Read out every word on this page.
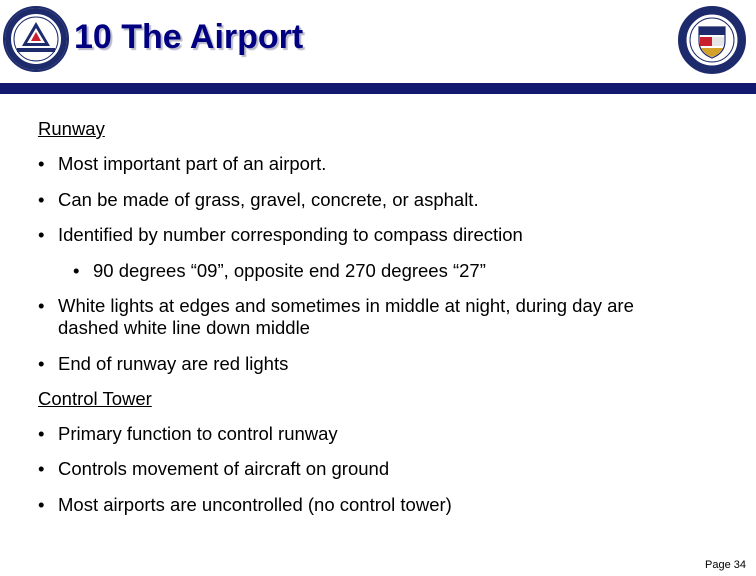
· · ·
10 The Airport
Runway
• Most important part of an airport.
• Can be made of grass, gravel, concrete, or asphalt.
• Identified by number corresponding to compass direction
• 90 degrees “09”, opposite end 270 degrees “27”
• White lights at edges and sometimes in middle at night, during day are dashed white line down middle
• End of runway are red lights
Control Tower
• Primary function to control runway
• Controls movement of aircraft on ground
• Most airports are uncontrolled (no control tower)
Page 34
